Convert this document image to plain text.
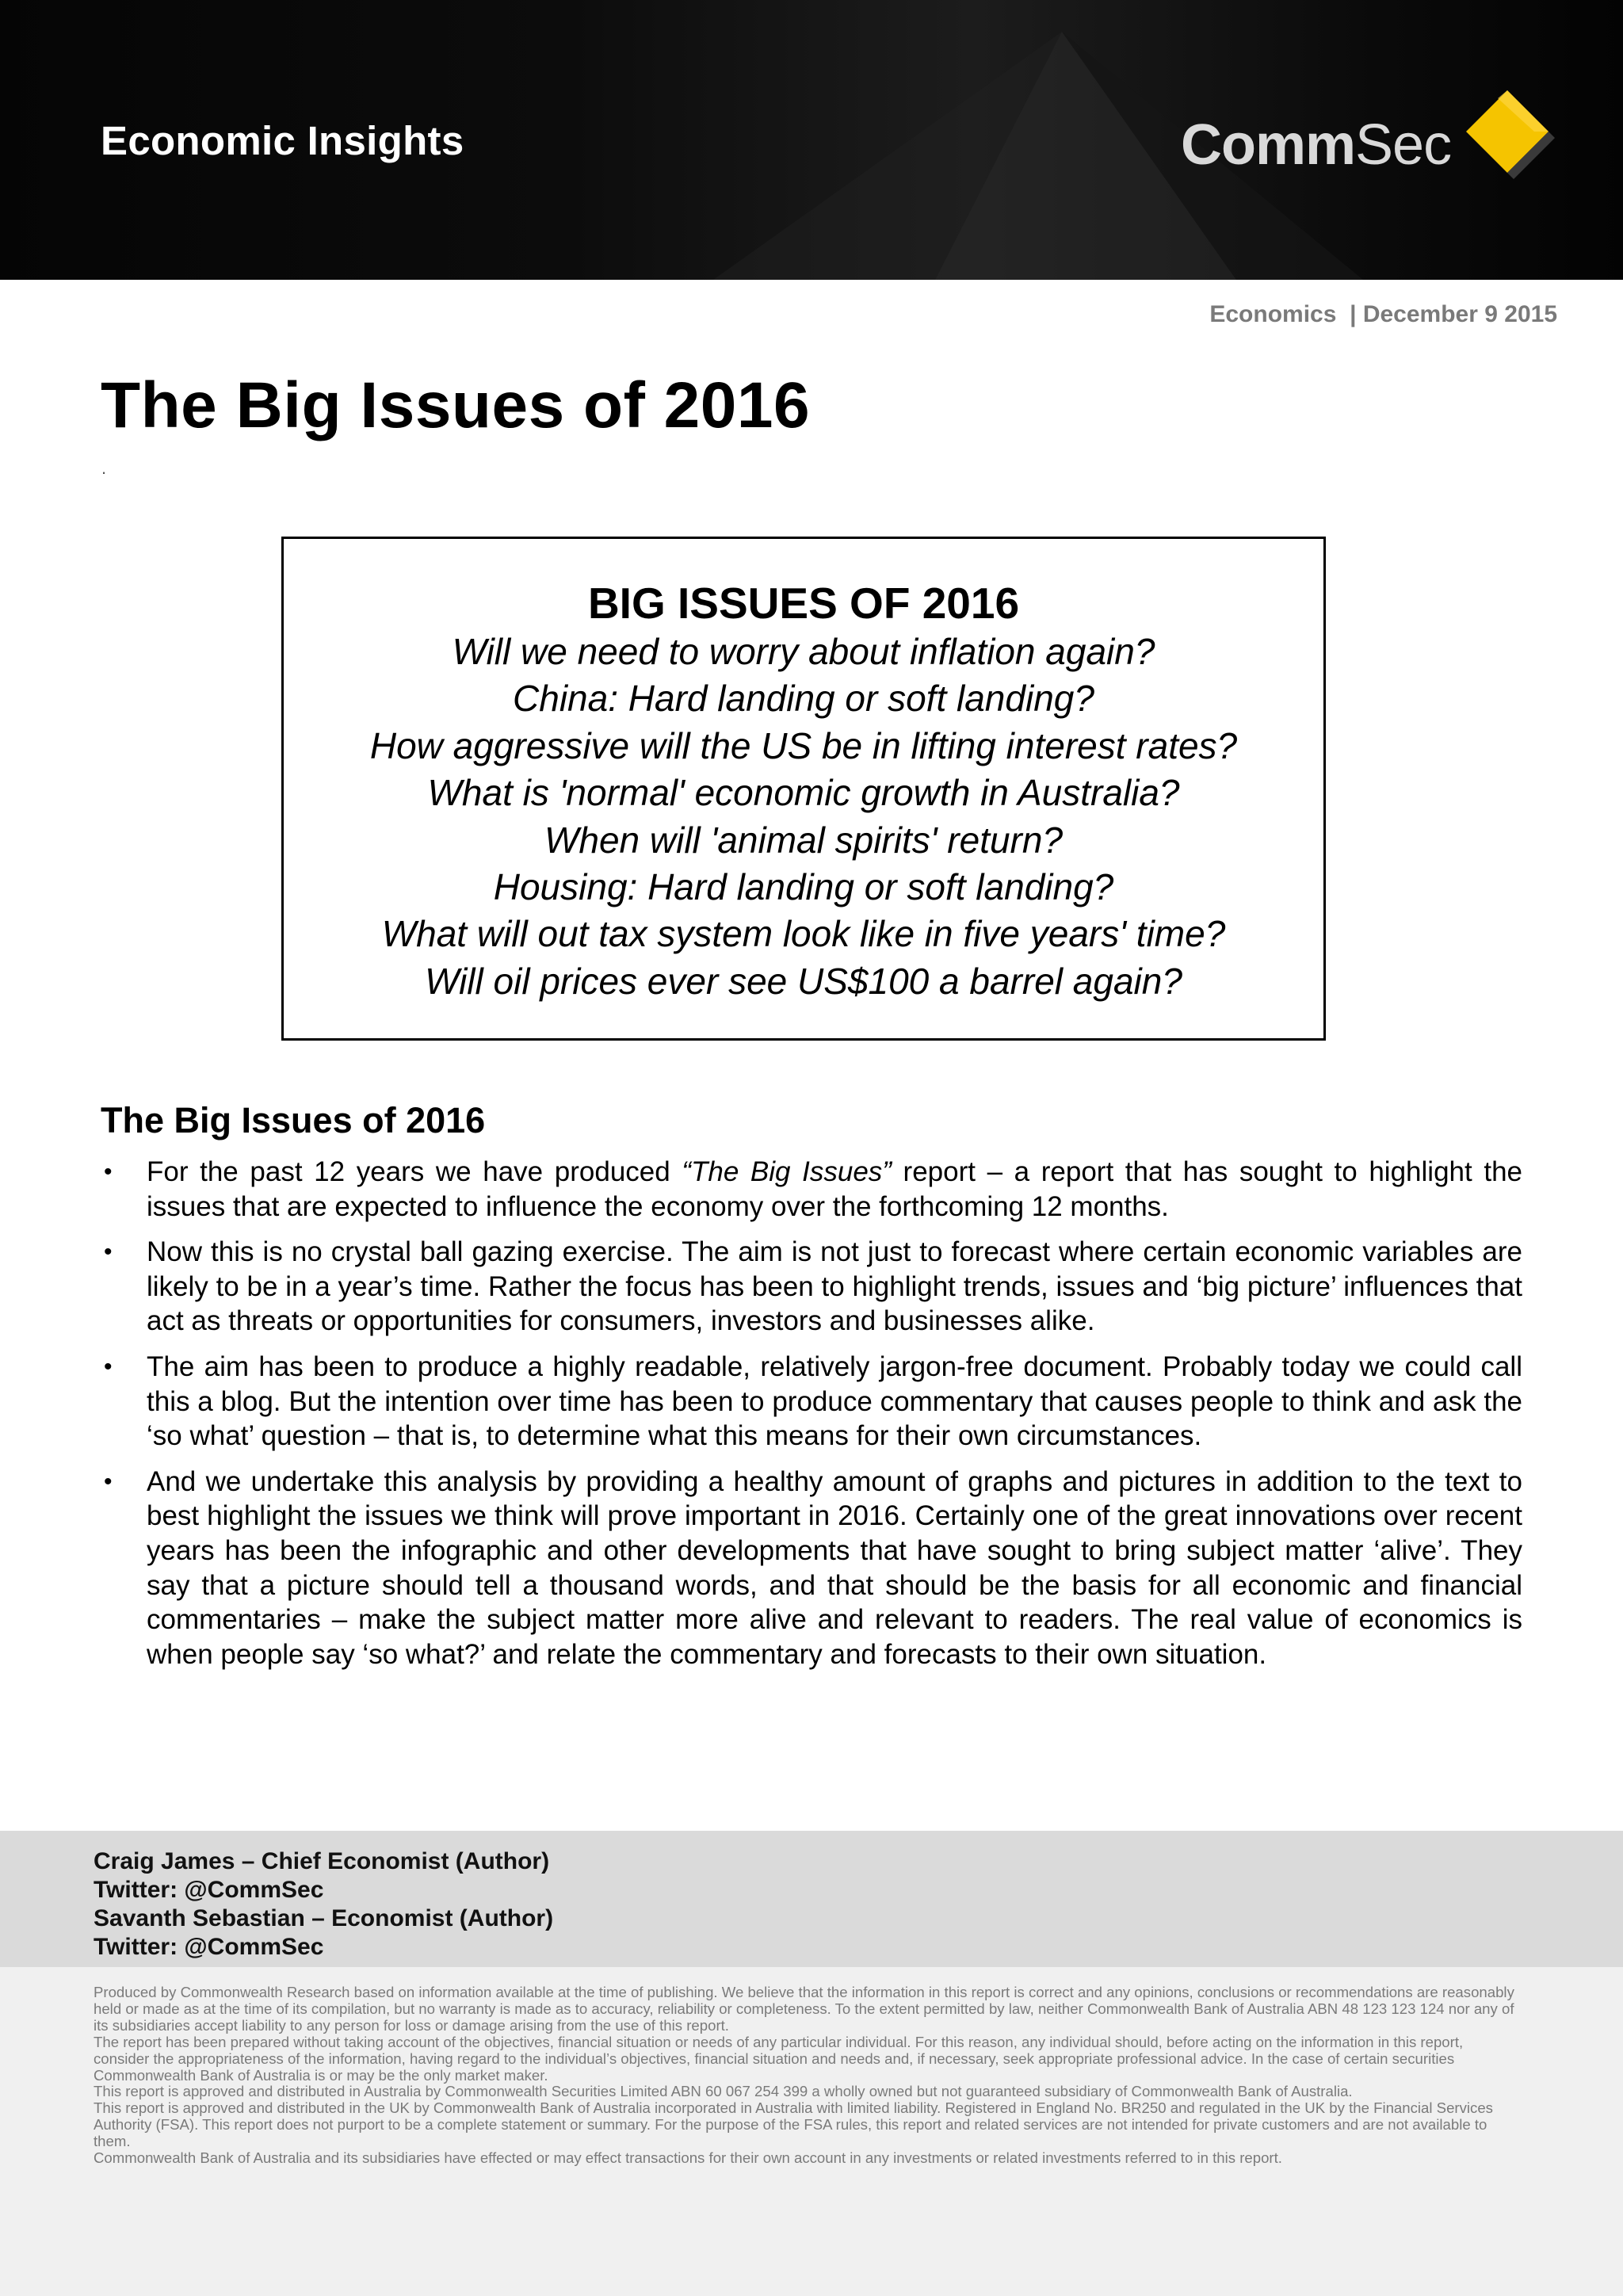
Economic Insights	CommSec
Economics | December 9 2015
The Big Issues of 2016
.
BIG ISSUES OF 2016
Will we need to worry about inflation again?
China: Hard landing or soft landing?
How aggressive will the US be in lifting interest rates?
What is 'normal' economic growth in Australia?
When will 'animal spirits' return?
Housing: Hard landing or soft landing?
What will out tax system look like in five years' time?
Will oil prices ever see US$100 a barrel again?
The Big Issues of 2016
• For the past 12 years we have produced “The Big Issues” report – a report that has sought to highlight the issues that are expected to influence the economy over the forthcoming 12 months.
• Now this is no crystal ball gazing exercise. The aim is not just to forecast where certain economic variables are likely to be in a year’s time. Rather the focus has been to highlight trends, issues and ‘big picture’ influences that act as threats or opportunities for consumers, investors and businesses alike.
• The aim has been to produce a highly readable, relatively jargon-free document. Probably today we could call this a blog. But the intention over time has been to produce commentary that causes people to think and ask the ‘so what’ question – that is, to determine what this means for their own circumstances.
• And we undertake this analysis by providing a healthy amount of graphs and pictures in addition to the text to best highlight the issues we think will prove important in 2016. Certainly one of the great innovations over recent years has been the infographic and other developments that have sought to bring subject matter ‘alive’. They say that a picture should tell a thousand words, and that should be the basis for all economic and financial commentaries – make the subject matter more alive and relevant to readers. The real value of economics is when people say ‘so what?’ and relate the commentary and forecasts to their own situation.
Craig James – Chief Economist (Author)
Twitter: @CommSec
Savanth Sebastian – Economist (Author)
Twitter: @CommSec

Produced by Commonwealth Research based on information available at the time of publishing. We believe that the information in this report is correct and any opinions, conclusions or recommendations are reasonably held or made as at the time of its compilation, but no warranty is made as to accuracy, reliability or completeness. To the extent permitted by law, neither Commonwealth Bank of Australia ABN 48 123 123 124 nor any of its subsidiaries accept liability to any person for loss or damage arising from the use of this report.

The report has been prepared without taking account of the objectives, financial situation or needs of any particular individual. For this reason, any individual should, before acting on the information in this report, consider the appropriateness of the information, having regard to the individual’s objectives, financial situation and needs and, if necessary, seek appropriate professional advice. In the case of certain securities Commonwealth Bank of Australia is or may be the only market maker.

This report is approved and distributed in Australia by Commonwealth Securities Limited ABN 60 067 254 399 a wholly owned but not guaranteed subsidiary of Commonwealth Bank of Australia.

This report is approved and distributed in the UK by Commonwealth Bank of Australia incorporated in Australia with limited liability. Registered in England No. BR250 and regulated in the UK by the Financial Services Authority (FSA). This report does not purport to be a complete statement or summary. For the purpose of the FSA rules, this report and related services are not intended for private customers and are not available to them.

Commonwealth Bank of Australia and its subsidiaries have effected or may effect transactions for their own account in any investments or related investments referred to in this report.
